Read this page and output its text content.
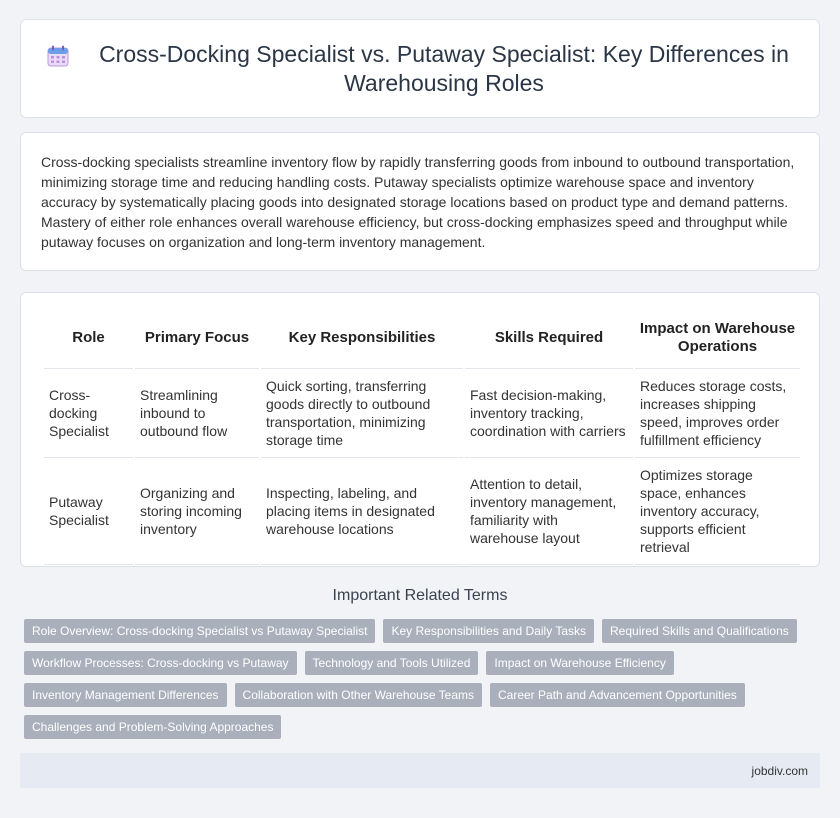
Cross-Docking Specialist vs. Putaway Specialist: Key Differences in Warehousing Roles

Cross-docking specialists streamline inventory flow by rapidly transferring goods from inbound to outbound transportation, minimizing storage time and reducing handling costs. Putaway specialists optimize warehouse space and inventory accuracy by systematically placing goods into designated storage locations based on product type and demand patterns. Mastery of either role enhances overall warehouse efficiency, but cross-docking emphasizes speed and throughput while putaway focuses on organization and long-term inventory management.

Role	Primary Focus	Key Responsibilities	Skills Required	Impact on Warehouse Operations
Cross-docking Specialist	Streamlining inbound to outbound flow	Quick sorting, transferring goods directly to outbound transportation, minimizing storage time	Fast decision-making, inventory tracking, coordination with carriers	Reduces storage costs, increases shipping speed, improves order fulfillment efficiency
Putaway Specialist	Organizing and storing incoming inventory	Inspecting, labeling, and placing items in designated warehouse locations	Attention to detail, inventory management, familiarity with warehouse layout	Optimizes storage space, enhances inventory accuracy, supports efficient retrieval
Important Related Terms
Role Overview: Cross-docking Specialist vs Putaway Specialist	Key Responsibilities and Daily Tasks	Required Skills and Qualifications
Workflow Processes: Cross-docking vs Putaway	Technology and Tools Utilized	Impact on Warehouse Efficiency
Inventory Management Differences	Collaboration with Other Warehouse Teams	Career Path and Advancement Opportunities
Challenges and Problem-Solving Approaches
jobdiv.com
